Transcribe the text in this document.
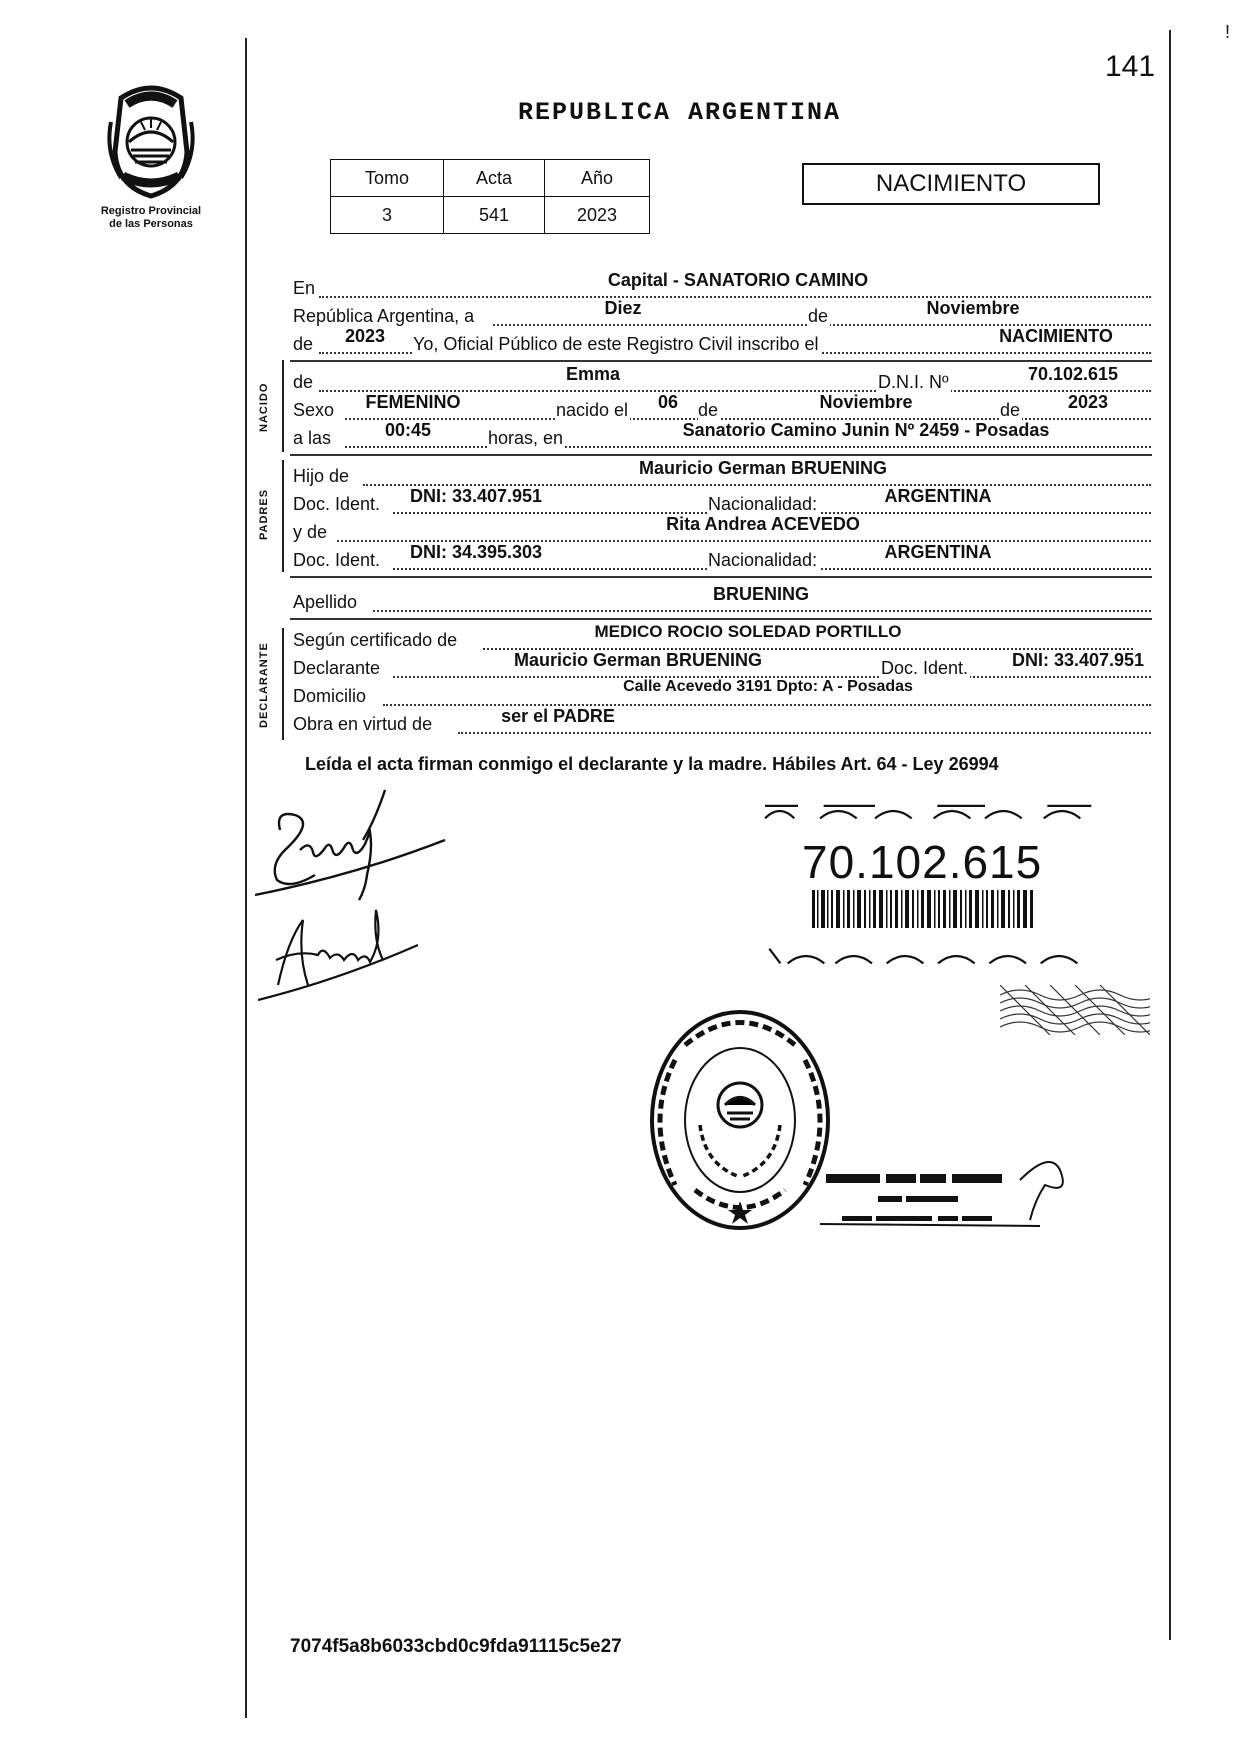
141
!
Registro Provincial
de las Personas
REPUBLICA ARGENTINA
Tomo	Acta	Año
3	541	2023
NACIMIENTO
NACIDO
PADRES
DECLARANTE
En	Capital - SANATORIO CAMINO
República Argentina, a	Diez	de	Noviembre
de 2023 Yo, Oficial Público de este Registro Civil inscribo el	NACIMIENTO
de	Emma	D.N.I. Nº	70.102.615
Sexo FEMENINO	nacido el 06 de	Noviembre	de	2023
a las	00:45	horas, en	Sanatorio Camino Junin Nº 2459 - Posadas
Hijo de	Mauricio German BRUENING
Doc. Ident. DNI: 33.407.951	Nacionalidad:	ARGENTINA
y de	Rita Andrea ACEVEDO
Doc. Ident. DNI: 34.395.303	Nacionalidad:	ARGENTINA
Apellido	BRUENING
Según certificado de	MEDICO ROCIO SOLEDAD PORTILLO
Declarante	Mauricio German BRUENING	Doc. Ident. DNI: 33.407.951
Domicilio	Calle Acevedo 3191 Dpto: A - Posadas
Obra en virtud de	ser el PADRE
Leída el acta firman conmigo el declarante y la madre. Hábiles Art. 64 - Ley 26994
70.102.615
7074f5a8b6033cbd0c9fda91115c5e27
